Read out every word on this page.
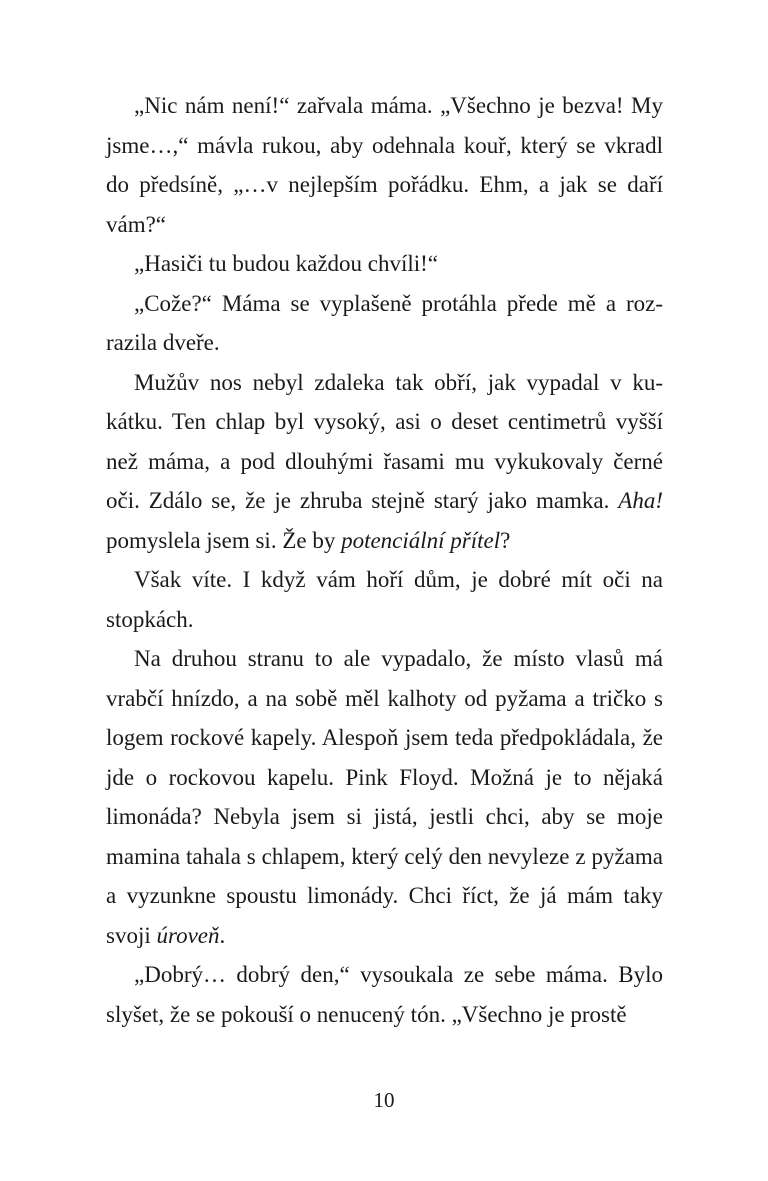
„Nic nám není!“ zařvala máma. „Všechno je bezva! My jsme…,“ mávla rukou, aby odehnala kouř, který se vkradl do předsíně, „…v nejlepším pořádku. Ehm, a jak se daří vám?“

„Hasiči tu budou každou chvíli!“

„Cože?“ Máma se vyplašeně protáhla přede mě a rozrazila dveře.

Mužův nos nebyl zdaleka tak obří, jak vypadal v kukátku. Ten chlap byl vysoký, asi o deset centimetrů vyšší než máma, a pod dlouhými řasami mu vykukovaly černé oči. Zdálo se, že je zhruba stejně starý jako mamka. Aha! pomyslela jsem si. Že by potenciální přítel?

Však víte. I když vám hoří dům, je dobré mít oči na stopkách.

Na druhou stranu to ale vypadalo, že místo vlasů má vrabčí hnízdo, a na sobě měl kalhoty od pyžama a tričko s logem rockové kapely. Alespoň jsem teda předpokládala, že jde o rockovou kapelu. Pink Floyd. Možná je to nějaká limonáda? Nebyla jsem si jistá, jestli chci, aby se moje mamina tahala s chlapem, který celý den nevyleze z pyžama a vyzunkne spoustu limonády. Chci říct, že já mám taky svoji úroveň.

„Dobrý… dobrý den,“ vysoukala ze sebe máma. Bylo slyšet, že se pokouší o nenucený tón. „Všechno je prostě

10
